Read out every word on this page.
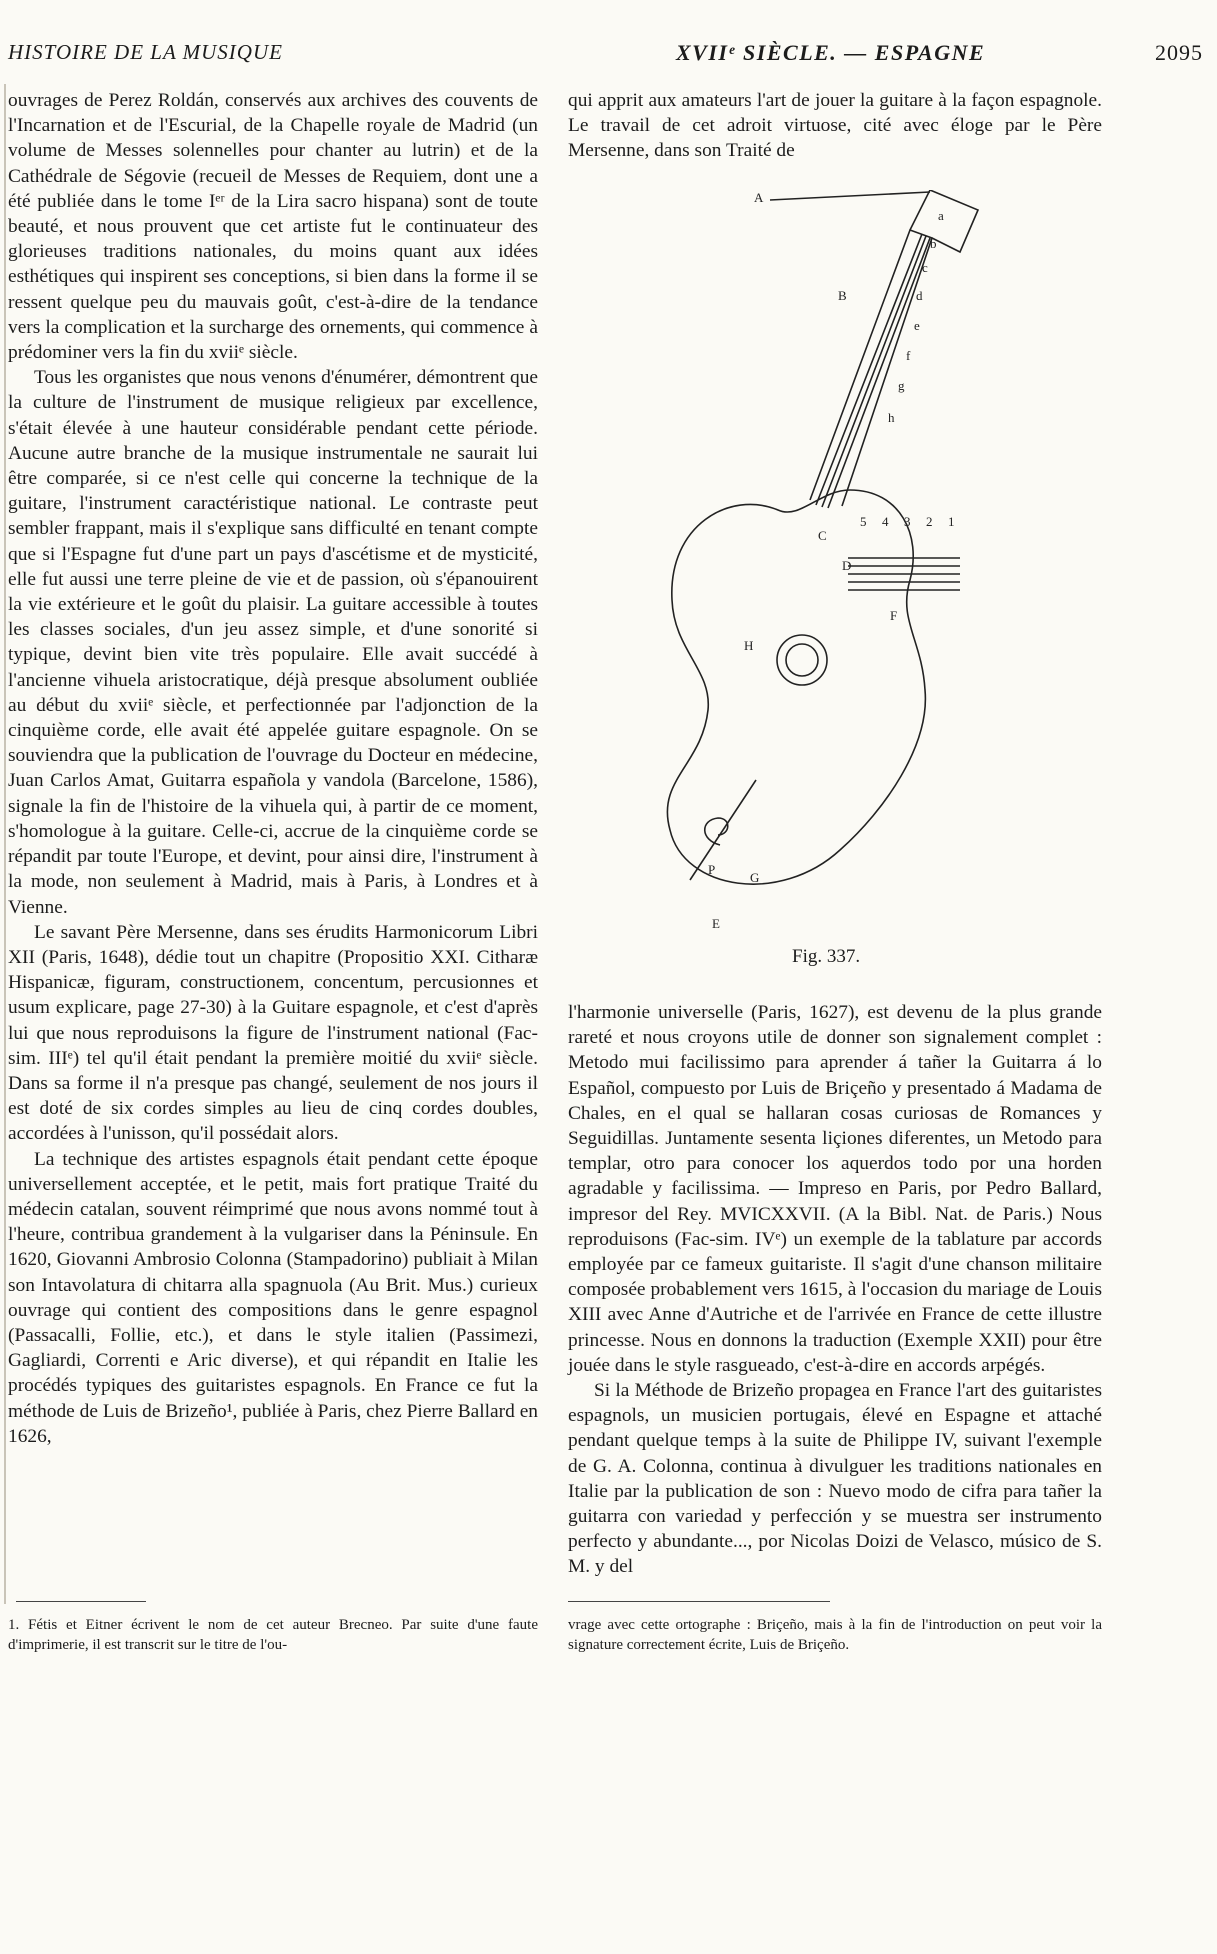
HISTOIRE DE LA MUSIQUE	XVIIᵉ SIÈCLE. — ESPAGNE	2095

ouvrages de Perez Roldán, conservés aux archives des couvents de l'Incarnation et de l'Escurial, de la Chapelle royale de Madrid (un volume de Messes solennelles pour chanter au lutrin) et de la Cathédrale de Ségovie (recueil de Messes de Requiem, dont une a été publiée dans le tome Iᵉʳ de la Lira sacro hispana) sont de toute beauté, et nous prouvent que cet artiste fut le continuateur des glorieuses traditions nationales, du moins quant aux idées esthétiques qui inspirent ses conceptions, si bien dans la forme il se ressent quelque peu du mauvais goût, c'est-à-dire de la tendance vers la complication et la surcharge des ornements, qui commence à prédominer vers la fin du xviiᵉ siècle.

Tous les organistes que nous venons d'énumérer, démontrent que la culture de l'instrument de musique religieux par excellence, s'était élevée à une hauteur considérable pendant cette période. Aucune autre branche de la musique instrumentale ne saurait lui être comparée, si ce n'est celle qui concerne la technique de la guitare, l'instrument caractéristique national. Le contraste peut sembler frappant, mais il s'explique sans difficulté en tenant compte que si l'Espagne fut d'une part un pays d'ascétisme et de mysticité, elle fut aussi une terre pleine de vie et de passion, où s'épanouirent la vie extérieure et le goût du plaisir. La guitare accessible à toutes les classes sociales, d'un jeu assez simple, et d'une sonorité si typique, devint bien vite très populaire. Elle avait succédé à l'ancienne vihuela aristocratique, déjà presque absolument oubliée au début du xviiᵉ siècle, et perfectionnée par l'adjonction de la cinquième corde, elle avait été appelée guitare espagnole. On se souviendra que la publication de l'ouvrage du Docteur en médecine, Juan Carlos Amat, Guitarra española y vandola (Barcelone, 1586), signale la fin de l'histoire de la vihuela qui, à partir de ce moment, s'homologue à la guitare. Celle-ci, accrue de la cinquième corde se répandit par toute l'Europe, et devint, pour ainsi dire, l'instrument à la mode, non seulement à Madrid, mais à Paris, à Londres et à Vienne.

Le savant Père Mersenne, dans ses érudits Harmonicorum Libri XII (Paris, 1648), dédie tout un chapitre (Propositio XXI. Citharæ Hispanicæ, figuram, constructionem, concentum, percusionnes et usum explicare, page 27-30) à la Guitare espagnole, et c'est d'après lui que nous reproduisons la figure de l'instrument national (Fac-sim. IIIᵉ) tel qu'il était pendant la première moitié du xviiᵉ siècle. Dans sa forme il n'a presque pas changé, seulement de nos jours il est doté de six cordes simples au lieu de cinq cordes doubles, accordées à l'unisson, qu'il possédait alors.

La technique des artistes espagnols était pendant cette époque universellement acceptée, et le petit, mais fort pratique Traité du médecin catalan, souvent réimprimé que nous avons nommé tout à l'heure, contribua grandement à la vulgariser dans la Péninsule. En 1620, Giovanni Ambrosio Colonna (Stampadorino) publiait à Milan son Intavolatura di chitarra alla spagnuola (Au Brit. Mus.) curieux ouvrage qui contient des compositions dans le genre espagnol (Passacalli, Follie, etc.), et dans le style italien (Passimezi, Gagliardi, Correnti e Aric diverse), et qui répandit en Italie les procédés typiques des guitaristes espagnols. En France ce fut la méthode de Luis de Brizeño¹, publiée à Paris, chez Pierre Ballard en 1626,

qui apprit aux amateurs l'art de jouer la guitare à la façon espagnole. Le travail de cet adroit virtuose, cité avec éloge par le Père Mersenne, dans son Traité de

A
B
C
D
E
F
G
H
P
a
b
c
d
e
f
g
h
5 4 3 2 1
Fig. 337.

l'harmonie universelle (Paris, 1627), est devenu de la plus grande rareté et nous croyons utile de donner son signalement complet : Metodo mui facilissimo para aprender á tañer la Guitarra á lo Español, compuesto por Luis de Briçeño y presentado á Madama de Chales, en el qual se hallaran cosas curiosas de Romances y Seguidillas. Juntamente sesenta liçiones diferentes, un Metodo para templar, otro para conocer los aquerdos todo por una horden agradable y facilissima. — Impreso en Paris, por Pedro Ballard, impresor del Rey. MVICXXVII. (A la Bibl. Nat. de Paris.) Nous reproduisons (Fac-sim. IVᵉ) un exemple de la tablature par accords employée par ce fameux guitariste. Il s'agit d'une chanson militaire composée probablement vers 1615, à l'occasion du mariage de Louis XIII avec Anne d'Autriche et de l'arrivée en France de cette illustre princesse. Nous en donnons la traduction (Exemple XXII) pour être jouée dans le style rasgueado, c'est-à-dire en accords arpégés.

Si la Méthode de Brizeño propagea en France l'art des guitaristes espagnols, un musicien portugais, élevé en Espagne et attaché pendant quelque temps à la suite de Philippe IV, suivant l'exemple de G. A. Colonna, continua à divulguer les traditions nationales en Italie par la publication de son : Nuevo modo de cifra para tañer la guitarra con variedad y perfección y se muestra ser instrumento perfecto y abundante..., por Nicolas Doizi de Velasco, músico de S. M. y del

1. Fétis et Eitner écrivent le nom de cet auteur Brecneo. Par suite d'une faute d'imprimerie, il est transcrit sur le titre de l'ou-
vrage avec cette ortographe : Briçeño, mais à la fin de l'introduction on peut voir la signature correctement écrite, Luis de Briçeño.
